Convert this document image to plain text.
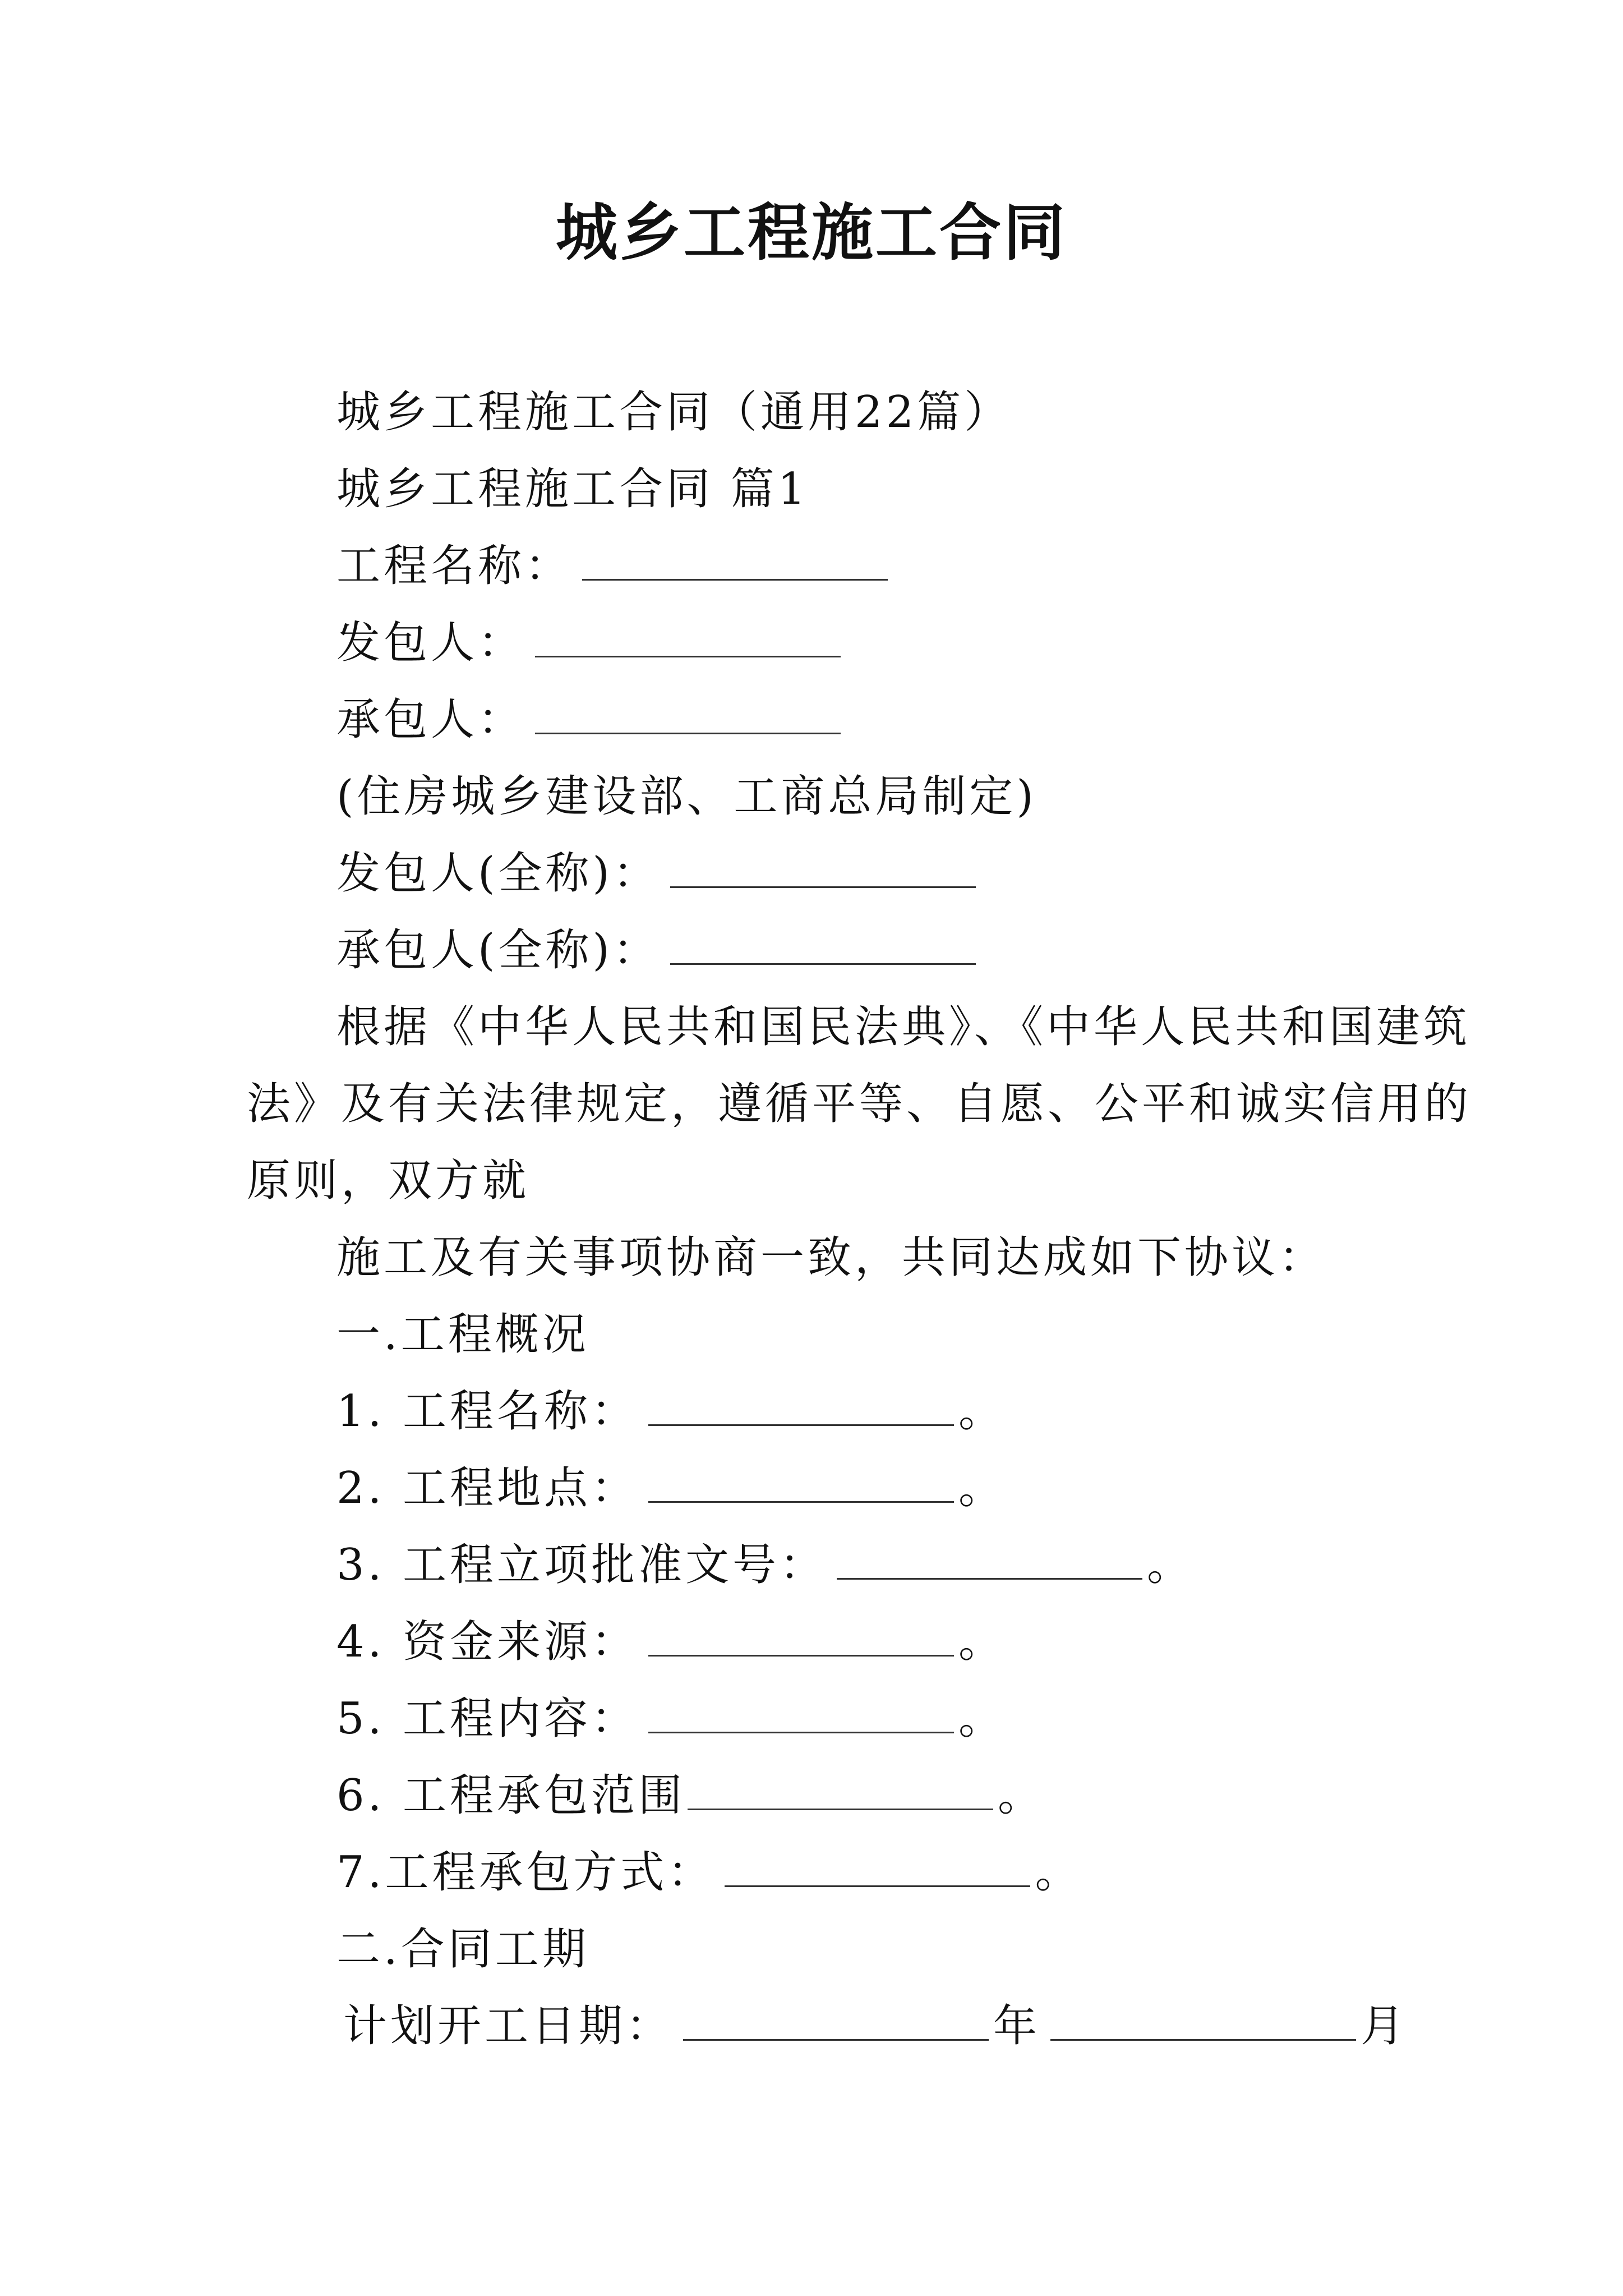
城乡工程施工合同
城乡工程施工合同（通用22篇）
城乡工程施工合同 篇1
工程名称：
发包人：
承包人：
(住房城乡建设部、工商总局制定)
发包人(全称)：
承包人(全称)：
根据《中华人民共和国民法典》、《中华人民共和国建筑
法》及有关法律规定，遵循平等、自愿、公平和诚实信用的
原则，双方就
施工及有关事项协商一致，共同达成如下协议：
一.工程概况
1. 工程名称：	。
2. 工程地点：	。
3. 工程立项批准文号：	。
4. 资金来源：	。
5. 工程内容：	。
6. 工程承包范围	。
7.工程承包方式：	。
二.合同工期
计划开工日期：	年	月
